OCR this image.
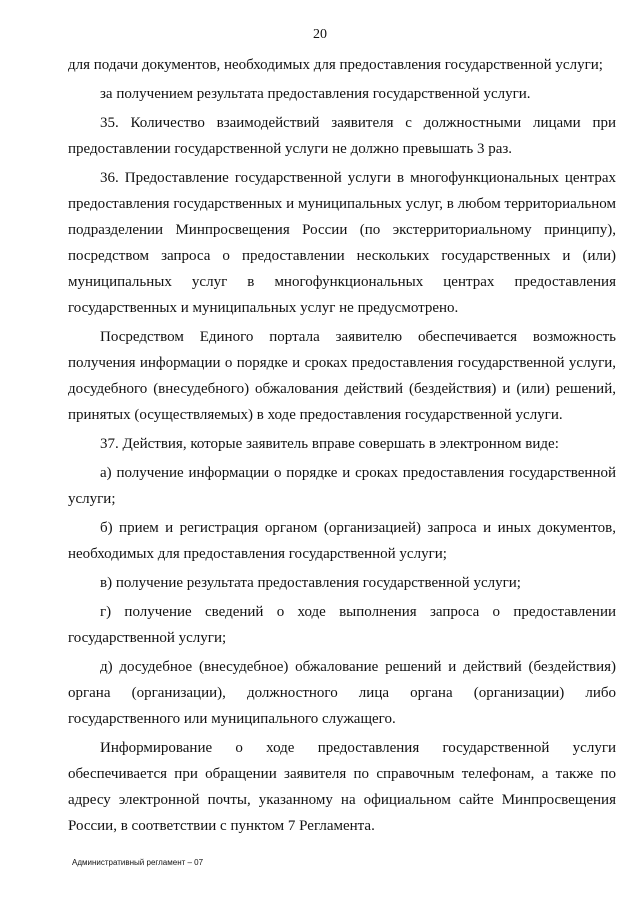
20

для подачи документов, необходимых для предоставления государственной услуги;

за получением результата предоставления государственной услуги.

35. Количество взаимодействий заявителя с должностными лицами при предоставлении государственной услуги не должно превышать 3 раз.

36. Предоставление государственной услуги в многофункциональных центрах предоставления государственных и муниципальных услуг, в любом территориальном подразделении Минпросвещения России (по экстерриториальному принципу), посредством запроса о предоставлении нескольких государственных и (или) муниципальных услуг в многофункциональных центрах предоставления государственных и муниципальных услуг не предусмотрено.

Посредством Единого портала заявителю обеспечивается возможность получения информации о порядке и сроках предоставления государственной услуги, досудебного (внесудебного) обжалования действий (бездействия) и (или) решений, принятых (осуществляемых) в ходе предоставления государственной услуги.

37. Действия, которые заявитель вправе совершать в электронном виде:

а) получение информации о порядке и сроках предоставления государственной услуги;

б) прием и регистрация органом (организацией) запроса и иных документов, необходимых для предоставления государственной услуги;

в) получение результата предоставления государственной услуги;

г) получение сведений о ходе выполнения запроса о предоставлении государственной услуги;

д) досудебное (внесудебное) обжалование решений и действий (бездействия) органа (организации), должностного лица органа (организации) либо государственного или муниципального служащего.

Информирование о ходе предоставления государственной услуги обеспечивается при обращении заявителя по справочным телефонам, а также по адресу электронной почты, указанному на официальном сайте Минпросвещения России, в соответствии с пунктом 7 Регламента.

Административный регламент – 07
